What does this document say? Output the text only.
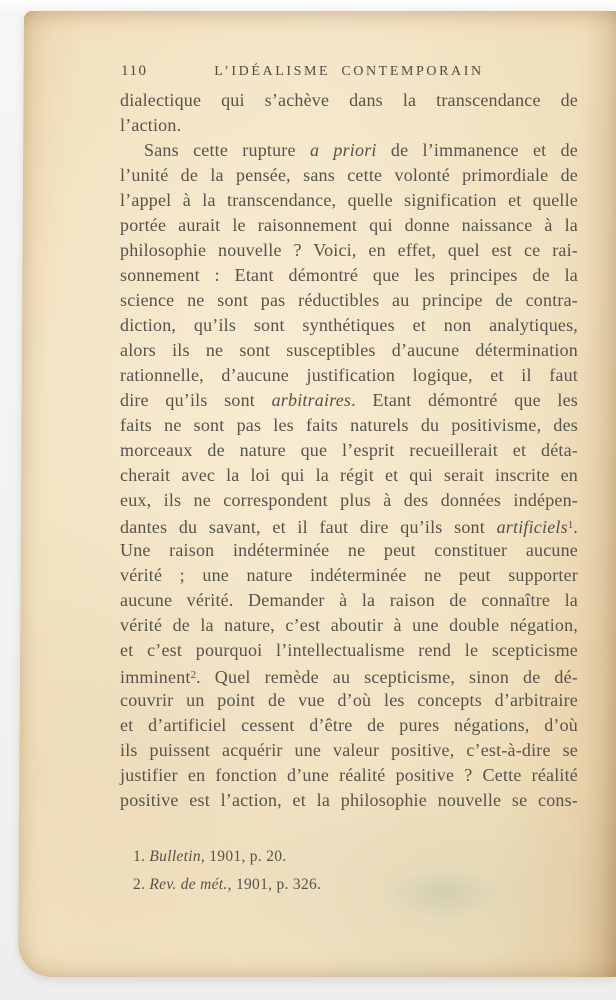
110	L’IDÉALISME CONTEMPORAIN
dialectique qui s’achève dans la transcendance de
l’action.
Sans cette rupture a priori de l’immanence et de
l’unité de la pensée, sans cette volonté primordiale de
l’appel à la transcendance, quelle signification et quelle
portée aurait le raisonnement qui donne naissance à la
philosophie nouvelle ? Voici, en effet, quel est ce rai-
sonnement : Etant démontré que les principes de la
science ne sont pas réductibles au principe de contra-
diction, qu’ils sont synthétiques et non analytiques,
alors ils ne sont susceptibles d’aucune détermination
rationnelle, d’aucune justification logique, et il faut
dire qu’ils sont arbitraires. Etant démontré que les
faits ne sont pas les faits naturels du positivisme, des
morceaux de nature que l’esprit recueillerait et déta-
cherait avec la loi qui la régit et qui serait inscrite en
eux, ils ne correspondent plus à des données indépen-
dantes du savant, et il faut dire qu’ils sont artificiels$^1$.
Une raison indéterminée ne peut constituer aucune
vérité ; une nature indéterminée ne peut supporter
aucune vérité. Demander à la raison de connaître la
vérité de la nature, c’est aboutir à une double négation,
et c’est pourquoi l’intellectualisme rend le scepticisme
imminent$^2$. Quel remède au scepticisme, sinon de dé-
couvrir un point de vue d’où les concepts d’arbitraire
et d’artificiel cessent d’être de pures négations, d’où
ils puissent acquérir une valeur positive, c’est-à-dire se
justifier en fonction d’une réalité positive ? Cette réalité
positive est l’action, et la philosophie nouvelle se cons-
1. Bulletin, 1901, p. 20.
2. Rev. de mét., 1901, p. 326.
